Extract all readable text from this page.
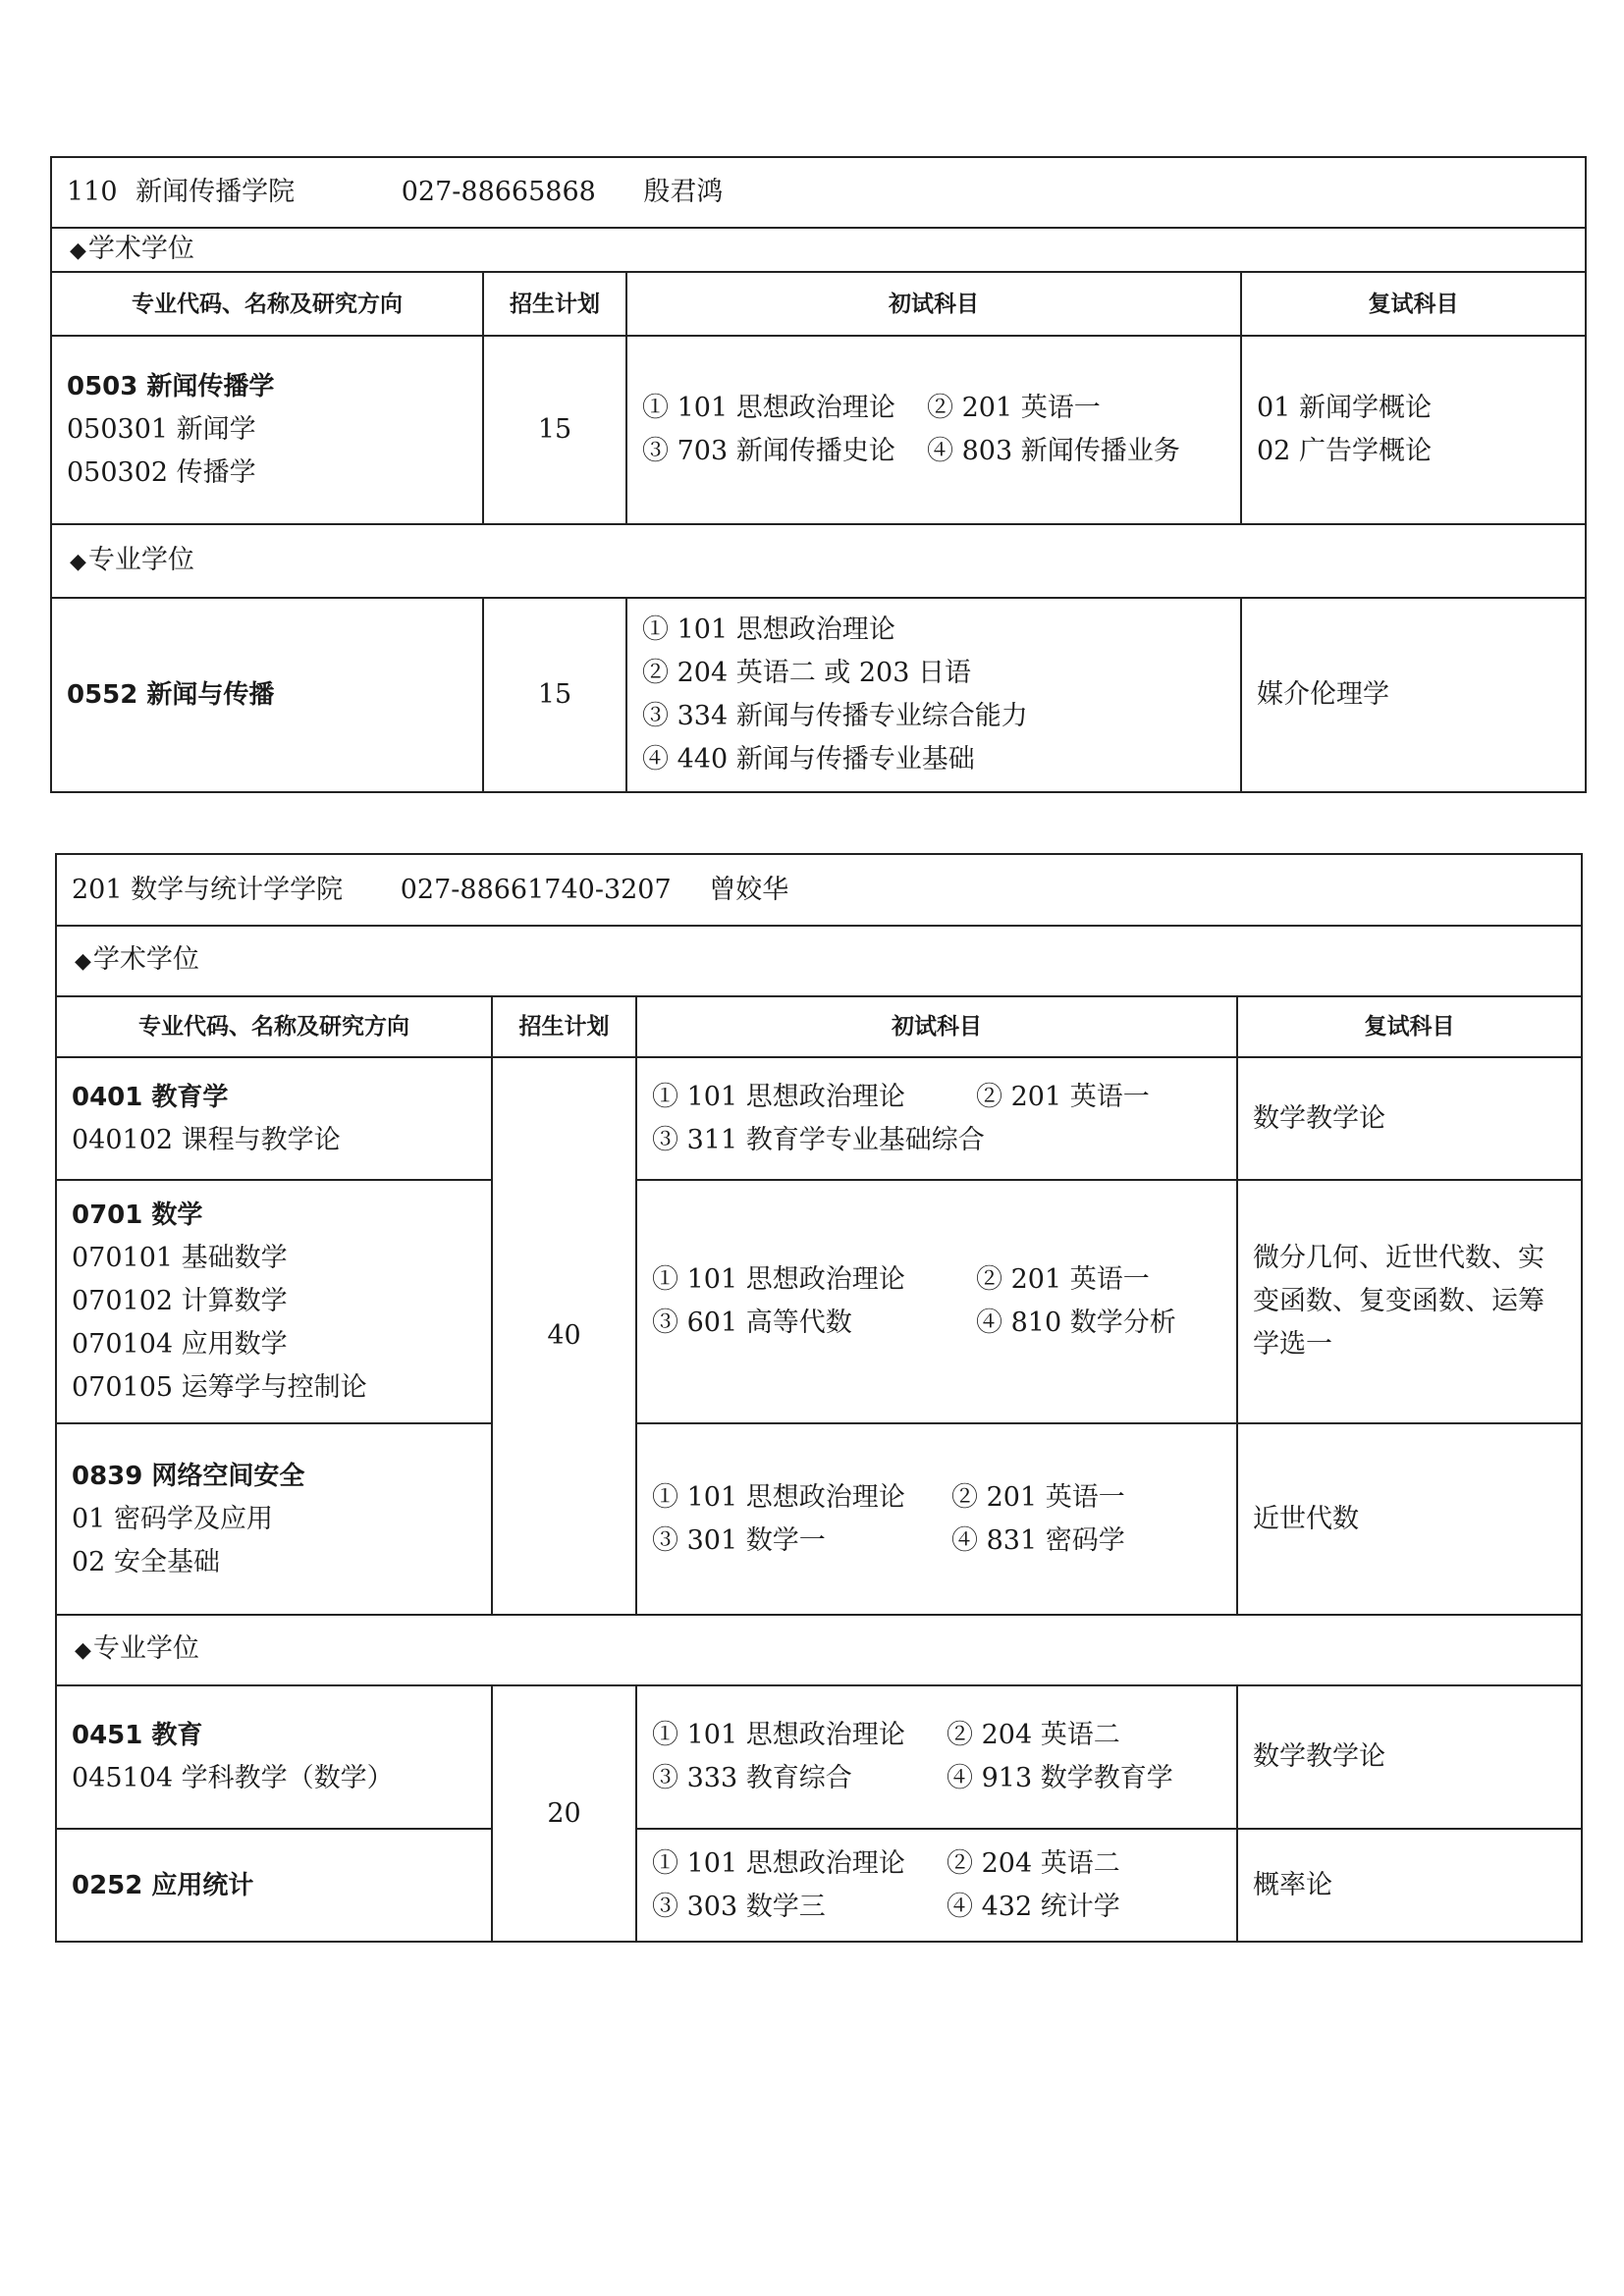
110 新闻传播学院 027-88665868 殷君鸿			
◆学术学位			
专业代码、名称及研究方向	招生计划	初试科目	复试科目

0503 新闻传播学
050301 新闻学
050302 传播学	15	① 101 思想政治理论 ② 201 英语一
③ 703 新闻传播史论 ④ 803 新闻传播业务	01 新闻学概论
02 广告学概论

◆专业学位			

0552 新闻与传播	15	① 101 思想政治理论
② 204 英语二 或 203 日语
③ 334 新闻与传播专业综合能力
④ 440 新闻与传播专业基础	媒介伦理学
201 数学与统计学学院 027-88661740-3207 曾姣华			
◆学术学位			
专业代码、名称及研究方向	招生计划	初试科目	复试科目

0401 教育学
040102 课程与教学论	40	① 101 思想政治理论 ② 201 英语一
③ 311 教育学专业基础综合	数学教学论

0701 数学
070101 基础数学
070102 计算数学
070104 应用数学
070105 运筹学与控制论		① 101 思想政治理论 ② 201 英语一
③ 601 高等代数 ④ 810 数学分析	微分几何、近世代数、实
变函数、复变函数、运筹
学选一

0839 网络空间安全
01 密码学及应用
02 安全基础		① 101 思想政治理论 ② 201 英语一
③ 301 数学一 ④ 831 密码学	近世代数
◆专业学位			

0451 教育
045104 学科教学（数学）	20	① 101 思想政治理论 ② 204 英语二
③ 333 教育综合 ④ 913 数学教育学	数学教学论

0252 应用统计		① 101 思想政治理论 ② 204 英语二
③ 303 数学三 ④ 432 统计学	概率论
